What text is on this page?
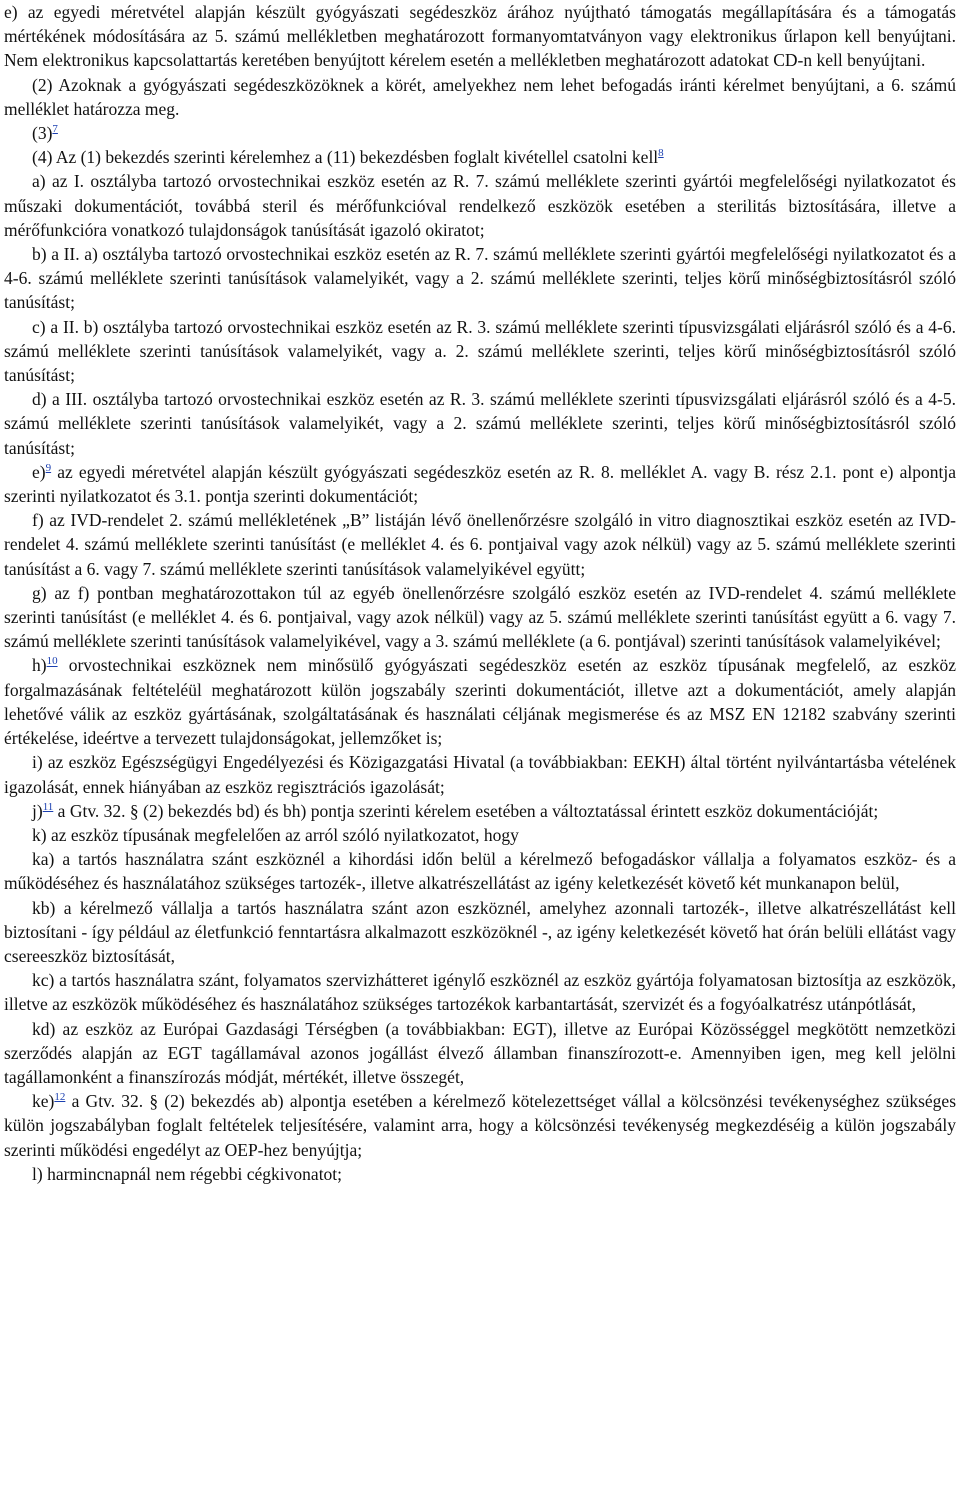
e) az egyedi méretvétel alapján készült gyógyászati segédeszköz árához nyújtható támogatás megállapítására és a támogatás mértékének módosítására az 5. számú mellékletben meghatározott formanyomtatványon vagy elektronikus űrlapon kell benyújtani. Nem elektronikus kapcsolattartás keretében benyújtott kérelem esetén a mellékletben meghatározott adatokat CD-n kell benyújtani.

(2) Azoknak a gyógyászati segédeszközöknek a körét, amelyekhez nem lehet befogadás iránti kérelmet benyújtani, a 6. számú melléklet határozza meg.

(3)$^7$

(4) Az (1) bekezdés szerinti kérelemhez a (11) bekezdésben foglalt kivétellel csatolni kell$^8$

a) az I. osztályba tartozó orvostechnikai eszköz esetén az R. 7. számú melléklete szerinti gyártói megfelelőségi nyilatkozatot és műszaki dokumentációt, továbbá steril és mérőfunkcióval rendelkező eszközök esetében a sterilitás biztosítására, illetve a mérőfunkcióra vonatkozó tulajdonságok tanúsítását igazoló okiratot;

b) a II. a) osztályba tartozó orvostechnikai eszköz esetén az R. 7. számú melléklete szerinti gyártói megfelelőségi nyilatkozatot és a 4-6. számú melléklete szerinti tanúsítások valamelyikét, vagy a 2. számú melléklete szerinti, teljes körű minőségbiztosításról szóló tanúsítást;

c) a II. b) osztályba tartozó orvostechnikai eszköz esetén az R. 3. számú melléklete szerinti típusvizsgálati eljárásról szóló és a 4-6. számú melléklete szerinti tanúsítások valamelyikét, vagy a. 2. számú melléklete szerinti, teljes körű minőségbiztosításról szóló tanúsítást;

d) a III. osztályba tartozó orvostechnikai eszköz esetén az R. 3. számú melléklete szerinti típusvizsgálati eljárásról szóló és a 4-5. számú melléklete szerinti tanúsítások valamelyikét, vagy a 2. számú melléklete szerinti, teljes körű minőségbiztosításról szóló tanúsítást;

e)$^9$ az egyedi méretvétel alapján készült gyógyászati segédeszköz esetén az R. 8. melléklet A. vagy B. rész 2.1. pont e) alpontja szerinti nyilatkozatot és 3.1. pontja szerinti dokumentációt;

f) az IVD-rendelet 2. számú mellékletének „B” listáján lévő önellenőrzésre szolgáló in vitro diagnosztikai eszköz esetén az IVD-rendelet 4. számú melléklete szerinti tanúsítást (e melléklet 4. és 6. pontjaival vagy azok nélkül) vagy az 5. számú melléklete szerinti tanúsítást a 6. vagy 7. számú melléklete szerinti tanúsítások valamelyikével együtt;

g) az f) pontban meghatározottakon túl az egyéb önellenőrzésre szolgáló eszköz esetén az IVD-rendelet 4. számú melléklete szerinti tanúsítást (e melléklet 4. és 6. pontjaival, vagy azok nélkül) vagy az 5. számú melléklete szerinti tanúsítást együtt a 6. vagy 7. számú melléklete szerinti tanúsítások valamelyikével, vagy a 3. számú melléklete (a 6. pontjával) szerinti tanúsítások valamelyikével;

h)$^{10}$ orvostechnikai eszköznek nem minősülő gyógyászati segédeszköz esetén az eszköz típusának megfelelő, az eszköz forgalmazásának feltételéül meghatározott külön jogszabály szerinti dokumentációt, illetve azt a dokumentációt, amely alapján lehetővé válik az eszköz gyártásának, szolgáltatásának és használati céljának megismerése és az MSZ EN 12182 szabvány szerinti értékelése, ideértve a tervezett tulajdonságokat, jellemzőket is;

i) az eszköz Egészségügyi Engedélyezési és Közigazgatási Hivatal (a továbbiakban: EEKH) által történt nyilvántartásba vételének igazolását, ennek hiányában az eszköz regisztrációs igazolását;

j)$^{11}$ a Gtv. 32. § (2) bekezdés bd) és bh) pontja szerinti kérelem esetében a változtatással érintett eszköz dokumentációját;

k) az eszköz típusának megfelelően az arról szóló nyilatkozatot, hogy

ka) a tartós használatra szánt eszköznél a kihordási időn belül a kérelmező befogadáskor vállalja a folyamatos eszköz- és a működéséhez és használatához szükséges tartozék-, illetve alkatrészellátást az igény keletkezését követő két munkanapon belül,

kb) a kérelmező vállalja a tartós használatra szánt azon eszköznél, amelyhez azonnali tartozék-, illetve alkatrészellátást kell biztosítani - így például az életfunkció fenntartásra alkalmazott eszközöknél -, az igény keletkezését követő hat órán belüli ellátást vagy csereeszköz biztosítását,

kc) a tartós használatra szánt, folyamatos szervizhátteret igénylő eszköznél az eszköz gyártója folyamatosan biztosítja az eszközök, illetve az eszközök működéséhez és használatához szükséges tartozékok karbantartását, szervizét és a fogyóalkatrész utánpótlását,

kd) az eszköz az Európai Gazdasági Térségben (a továbbiakban: EGT), illetve az Európai Közösséggel megkötött nemzetközi szerződés alapján az EGT tagállamával azonos jogállást élvező államban finanszírozott-e. Amennyiben igen, meg kell jelölni tagállamonként a finanszírozás módját, mértékét, illetve összegét,

ke)$^{12}$ a Gtv. 32. § (2) bekezdés ab) alpontja esetében a kérelmező kötelezettséget vállal a kölcsönzési tevékenységhez szükséges külön jogszabályban foglalt feltételek teljesítésére, valamint arra, hogy a kölcsönzési tevékenység megkezdéséig a külön jogszabály szerinti működési engedélyt az OEP-hez benyújtja;

l) harmincnapnál nem régebbi cégkivonatot;
